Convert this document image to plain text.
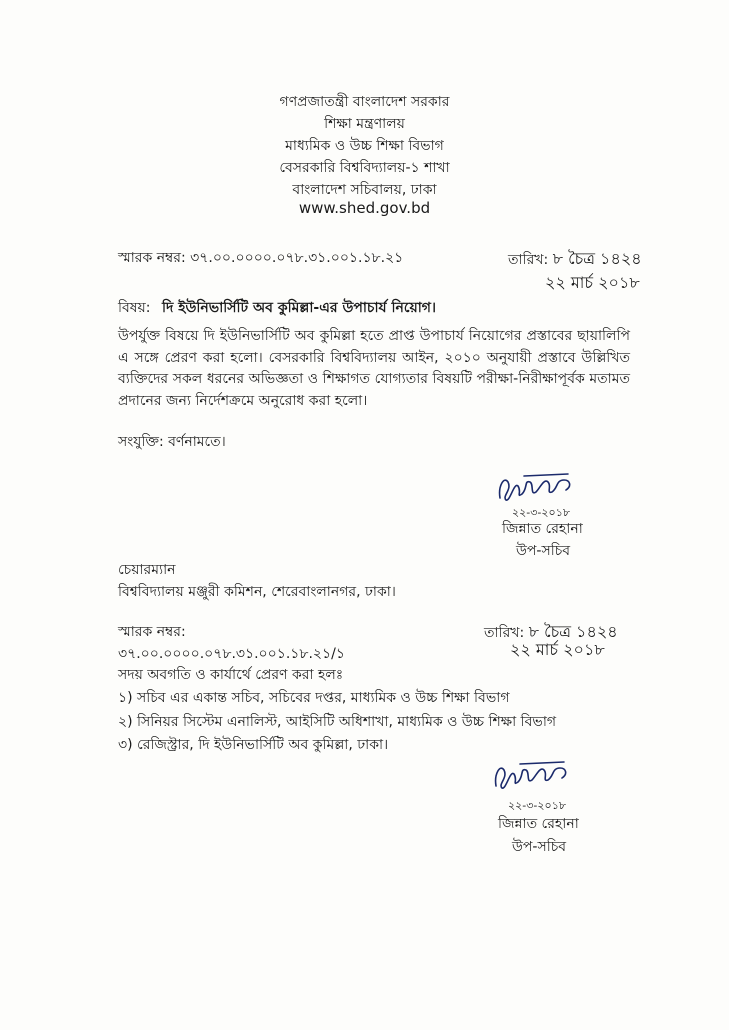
গণপ্রজাতন্ত্রী বাংলাদেশ সরকার
শিক্ষা মন্ত্রণালয়
মাধ্যমিক ও উচ্চ শিক্ষা বিভাগ
বেসরকারি বিশ্ববিদ্যালয়-১ শাখা
বাংলাদেশ সচিবালয়, ঢাকা
www.shed.gov.bd
স্মারক নম্বর: ৩৭.০০.০০০০.০৭৮.৩১.০০১.১৮.২১	তারিখ: ৮ চৈত্র ১৪২৪
২২ মার্চ ২০১৮
বিষয়: দি ইউনিভার্সিটি অব কুমিল্লা-এর উপাচার্য নিয়োগ।
উপর্যুক্ত বিষয়ে দি ইউনিভার্সিটি অব কুমিল্লা হতে প্রাপ্ত উপাচার্য নিয়োগের প্রস্তাবের ছায়ালিপি এ সঙ্গে প্রেরণ করা হলো। বেসরকারি বিশ্ববিদ্যালয় আইন, ২০১০ অনুযায়ী প্রস্তাবে উল্লিখিত ব্যক্তিদের সকল ধরনের অভিজ্ঞতা ও শিক্ষাগত যোগ্যতার বিষয়টি পরীক্ষা-নিরীক্ষাপূর্বক মতামত প্রদানের জন্য নির্দেশক্রমে অনুরোধ করা হলো।
সংযুক্তি: বর্ণনামতে।
২২-৩-২০১৮
জিন্নাত রেহানা
উপ-সচিব
চেয়ারম্যান
বিশ্ববিদ্যালয় মঞ্জুরী কমিশন, শেরেবাংলানগর, ঢাকা।
স্মারক নম্বর:
৩৭.০০.০০০০.০৭৮.৩১.০০১.১৮.২১/১
তারিখ: ৮ চৈত্র ১৪২৪
২২ মার্চ ২০১৮
সদয় অবগতি ও কার্যার্থে প্রেরণ করা হলঃ
১) সচিব এর একান্ত সচিব, সচিবের দপ্তর, মাধ্যমিক ও উচ্চ শিক্ষা বিভাগ
২) সিনিয়র সিস্টেম এনালিস্ট, আইসিটি অধিশাখা, মাধ্যমিক ও উচ্চ শিক্ষা বিভাগ
৩) রেজিস্ট্রার, দি ইউনিভার্সিটি অব কুমিল্লা, ঢাকা।
২২-৩-২০১৮
জিন্নাত রেহানা
উপ-সচিব
